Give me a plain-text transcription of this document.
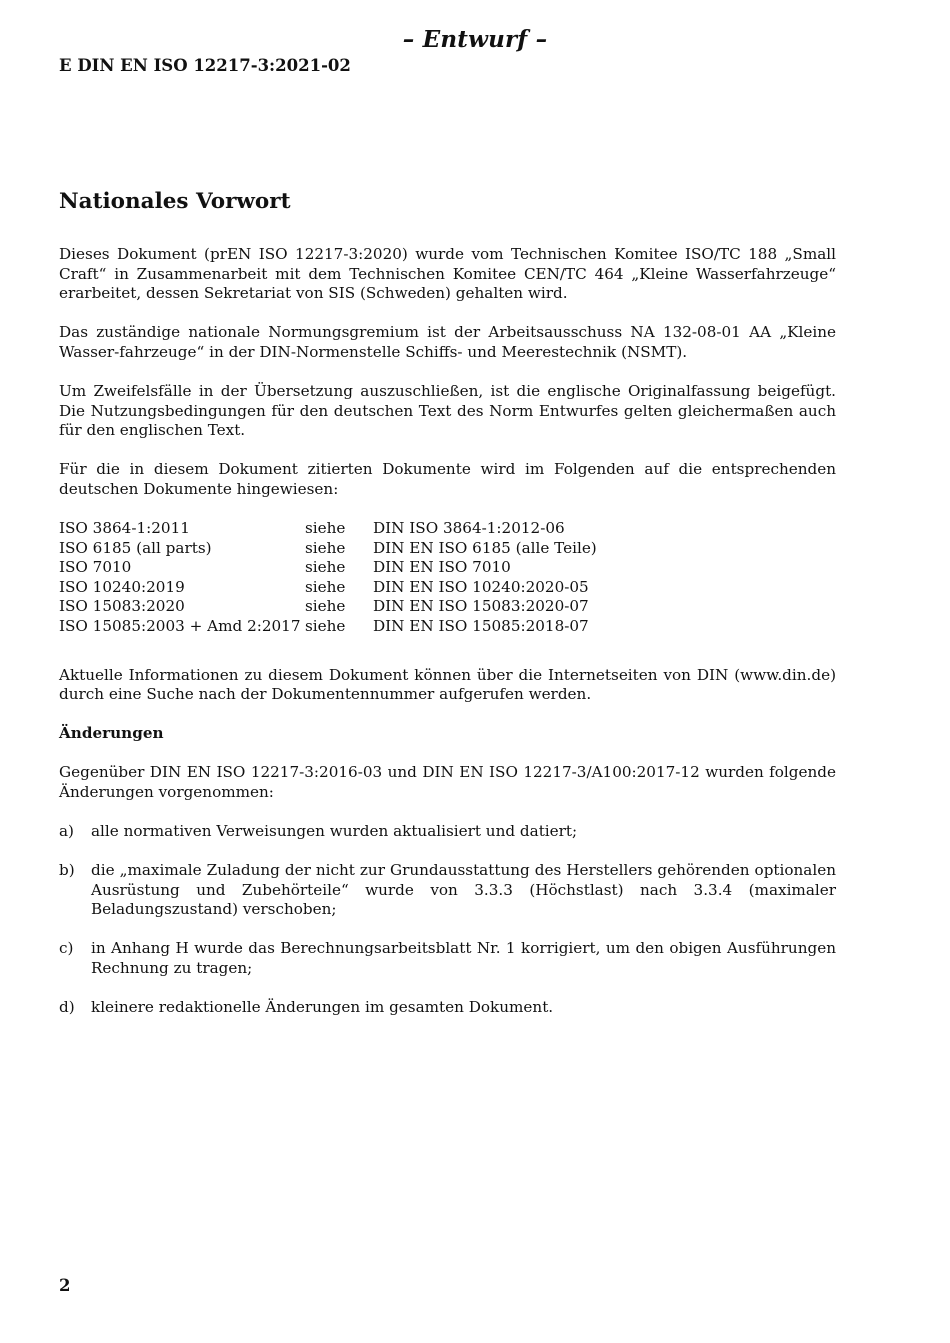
– Entwurf –
E DIN EN ISO 12217-3:2021-02
Nationales Vorwort

Dieses Dokument (prEN ISO 12217-3:2020) wurde vom Technischen Komitee ISO/TC 188 „Small Craft“ in Zusammenarbeit mit dem Technischen Komitee CEN/TC 464 „Kleine Wasserfahrzeuge“ erarbeitet, dessen Sekretariat von SIS (Schweden) gehalten wird.

Das zuständige nationale Normungsgremium ist der Arbeitsausschuss NA 132-08-01 AA „Kleine Wasser-fahrzeuge“ in der DIN-Normenstelle Schiffs- und Meerestechnik (NSMT).

Um Zweifelsfälle in der Übersetzung auszuschließen, ist die englische Originalfassung beigefügt. Die Nutzungsbedingungen für den deutschen Text des Norm Entwurfes gelten gleichermaßen auch für den englischen Text.

Für die in diesem Dokument zitierten Dokumente wird im Folgenden auf die entsprechenden deutschen Dokumente hingewiesen:

ISO 3864-1:2011	siehe	DIN ISO 3864-1:2012-06
ISO 6185 (all parts)	siehe	DIN EN ISO 6185 (alle Teile)
ISO 7010	siehe	DIN EN ISO 7010
ISO 10240:2019	siehe	DIN EN ISO 10240:2020-05
ISO 15083:2020	siehe	DIN EN ISO 15083:2020-07
ISO 15085:2003 + Amd 2:2017	siehe	DIN EN ISO 15085:2018-07

Aktuelle Informationen zu diesem Dokument können über die Internetseiten von DIN (www.din.de) durch eine Suche nach der Dokumentennummer aufgerufen werden.

Änderungen

Gegenüber DIN EN ISO 12217-3:2016-03 und DIN EN ISO 12217-3/A100:2017-12 wurden folgende Änderungen vorgenommen:

a)	alle normativen Verweisungen wurden aktualisiert und datiert;
b)	die „maximale Zuladung der nicht zur Grundausstattung des Herstellers gehörenden optionalen Ausrüstung und Zubehörteile“ wurde von 3.3.3 (Höchstlast) nach 3.3.4 (maximaler Beladungszustand) verschoben;
c)	in Anhang H wurde das Berechnungsarbeitsblatt Nr. 1 korrigiert, um den obigen Ausführungen Rechnung zu tragen;
d)	kleinere redaktionelle Änderungen im gesamten Dokument.
2
